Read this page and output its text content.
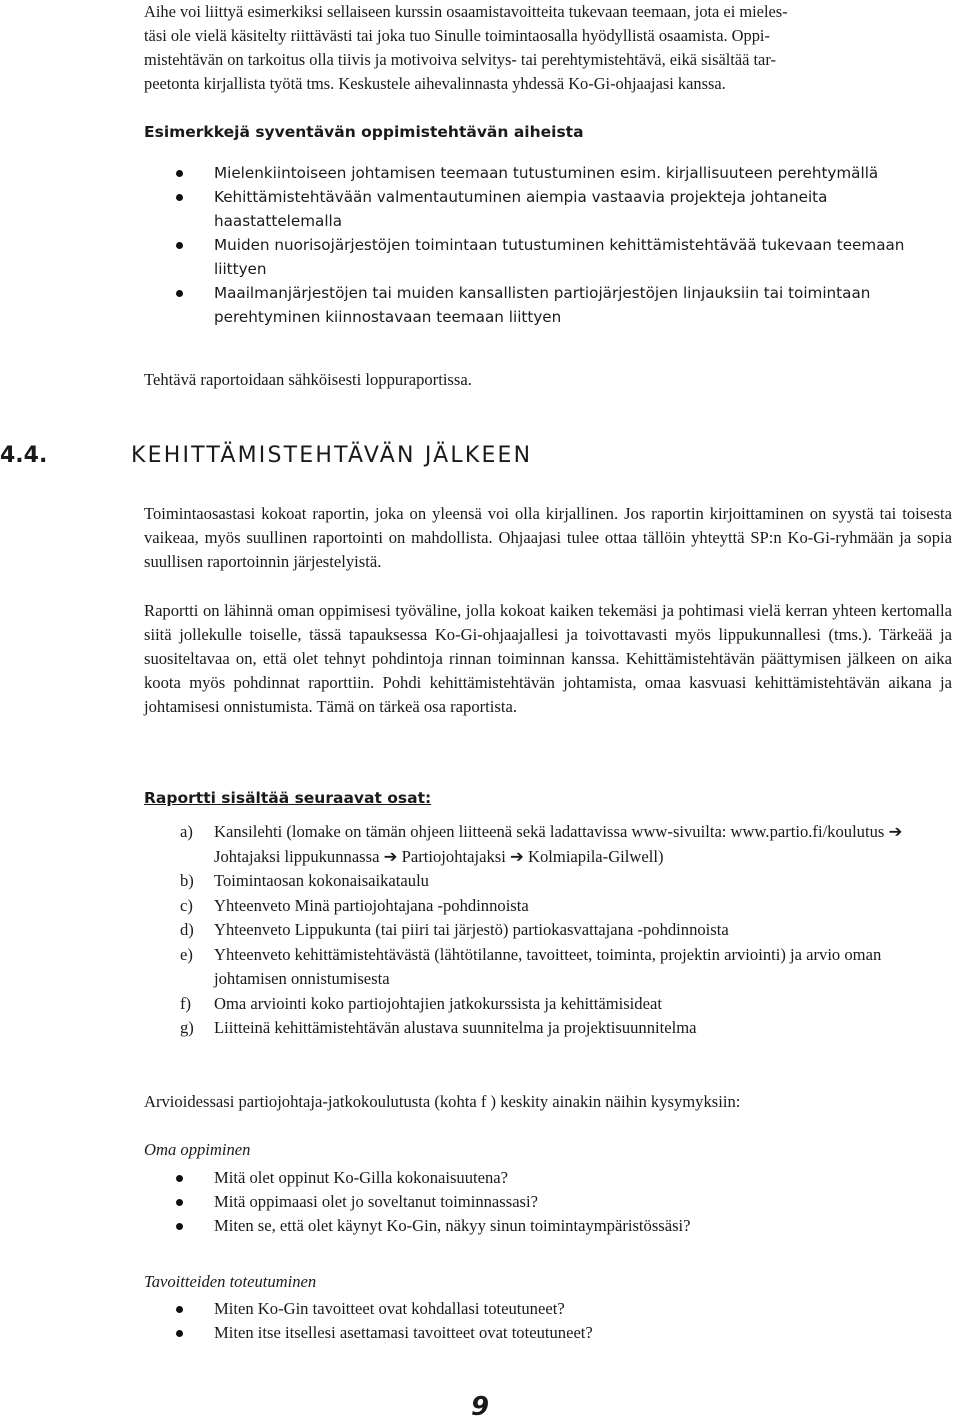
Aihe voi liittyä esimerkiksi sellaiseen kurssin osaamistavoitteita tukevaan teemaan, jota ei mieles-
täsi ole vielä käsitelty riittävästi tai joka tuo Sinulle toimintaosalla hyödyllistä osaamista. Oppi-
mistehtävän on tarkoitus olla tiivis ja motivoiva selvitys- tai perehtymistehtävä, eikä sisältää tar-
peetonta kirjallista työtä tms. Keskustele aihevalinnasta yhdessä Ko-Gi-ohjaajasi kanssa.
Esimerkkejä syventävän oppimistehtävän aiheista
Mielenkiintoiseen johtamisen teemaan tutustuminen esim. kirjallisuuteen perehtymällä
Kehittämistehtävään valmentautuminen aiempia vastaavia projekteja johtaneita haastattelemalla
Muiden nuorisojärjestöjen toimintaan tutustuminen kehittämistehtävää tukevaan teemaan liittyen
Maailmanjärjestöjen tai muiden kansallisten partiojärjestöjen linjauksiin tai toimintaan perehtyminen kiinnostavaan teemaan liittyen
Tehtävä raportoidaan sähköisesti loppuraportissa.
4.4.	KEHITTÄMISTEHTÄVÄN JÄLKEEN
Toimintaosastasi kokoat raportin, joka on yleensä voi olla kirjallinen. Jos raportin kirjoittaminen on syystä tai toisesta vaikeaa, myös suullinen raportointi on mahdollista. Ohjaajasi tulee ottaa tällöin yhteyttä SP:n Ko-Gi-ryhmään ja sopia suullisen raportoinnin järjestelyistä.
Raportti on lähinnä oman oppimisesi työväline, jolla kokoat kaiken tekemäsi ja pohtimasi vielä kerran yhteen kertomalla siitä jollekulle toiselle, tässä tapauksessa Ko-Gi-ohjaajallesi ja toivottavasti myös lippukunnallesi (tms.). Tärkeää ja suositeltavaa on, että olet tehnyt pohdintoja rinnan toiminnan kanssa. Kehittämistehtävän päättymisen jälkeen on aika koota myös pohdinnat raporttiin. Pohdi kehittämistehtävän johtamista, omaa kasvuasi kehittämistehtävän aikana ja johtamisesi onnistumista. Tämä on tärkeä osa raportista.
Raportti sisältää seuraavat osat:
a) Kansilehti (lomake on tämän ohjeen liitteenä sekä ladattavissa www-sivuilta: www.partio.fi/koulutus ➔ Johtajaksi lippukunnassa ➔ Partiojohtajaksi ➔ Kolmiapila-Gilwell)
b) Toimintaosan kokonaisaikataulu
c) Yhteenveto Minä partiojohtajana -pohdinnoista
d) Yhteenveto Lippukunta (tai piiri tai järjestö) partiokasvattajana -pohdinnoista
e) Yhteenveto kehittämistehtävästä (lähtötilanne, tavoitteet, toiminta, projektin arviointi) ja arvio oman johtamisen onnistumisesta
f) Oma arviointi koko partiojohtajien jatkokurssista ja kehittämisideat
g) Liitteinä kehittämistehtävän alustava suunnitelma ja projektisuunnitelma
Arvioidessasi partiojohtaja-jatkokoulutusta (kohta f ) keskity ainakin näihin kysymyksiin:
Oma oppiminen
Mitä olet oppinut Ko-Gilla kokonaisuutena?
Mitä oppimaasi olet jo soveltanut toiminnassasi?
Miten se, että olet käynyt Ko-Gin, näkyy sinun toimintaympäristössäsi?
Tavoitteiden toteutuminen
Miten Ko-Gin tavoitteet ovat kohdallasi toteutuneet?
Miten itse itsellesi asettamasi tavoitteet ovat toteutuneet?
9
